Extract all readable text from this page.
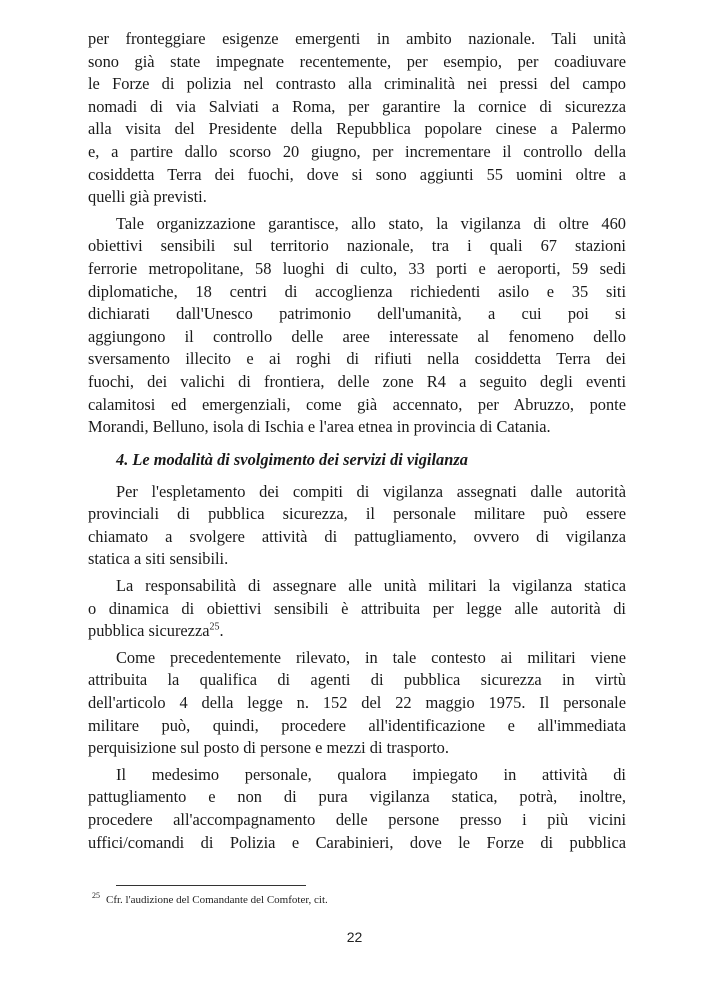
per fronteggiare esigenze emergenti in ambito nazionale. Tali unità
sono già state impegnate recentemente, per esempio, per coadiuvare
le Forze di polizia nel contrasto alla criminalità nei pressi del campo
nomadi di via Salviati a Roma, per garantire la cornice di sicurezza
alla visita del Presidente della Repubblica popolare cinese a Palermo
e, a partire dallo scorso 20 giugno, per incrementare il controllo della
cosiddetta Terra dei fuochi, dove si sono aggiunti 55 uomini oltre a
quelli già previsti.

Tale organizzazione garantisce, allo stato, la vigilanza di oltre 460
obiettivi sensibili sul territorio nazionale, tra i quali 67 stazioni
ferrorie metropolitane, 58 luoghi di culto, 33 porti e aeroporti, 59 sedi
diplomatiche, 18 centri di accoglienza richiedenti asilo e 35 siti
dichiarati dall'Unesco patrimonio dell'umanità, a cui poi si
aggiungono il controllo delle aree interessate al fenomeno dello
sversamento illecito e ai roghi di rifiuti nella cosiddetta Terra dei
fuochi, dei valichi di frontiera, delle zone R4 a seguito degli eventi
calamitosi ed emergenziali, come già accennato, per Abruzzo, ponte
Morandi, Belluno, isola di Ischia e l'area etnea in provincia di Catania.

4. Le modalità di svolgimento dei servizi di vigilanza

Per l'espletamento dei compiti di vigilanza assegnati dalle autorità
provinciali di pubblica sicurezza, il personale militare può essere
chiamato a svolgere attività di pattugliamento, ovvero di vigilanza
statica a siti sensibili.

La responsabilità di assegnare alle unità militari la vigilanza statica
o dinamica di obiettivi sensibili è attribuita per legge alle autorità di
pubblica sicurezza$^{25}$.

Come precedentemente rilevato, in tale contesto ai militari viene
attribuita la qualifica di agenti di pubblica sicurezza in virtù
dell'articolo 4 della legge n. 152 del 22 maggio 1975. Il personale
militare può, quindi, procedere all'identificazione e all'immediata
perquisizione sul posto di persone e mezzi di trasporto.

Il medesimo personale, qualora impiegato in attività di
pattugliamento e non di pura vigilanza statica, potrà, inoltre,
procedere all'accompagnamento delle persone presso i più vicini
uffici/comandi di Polizia e Carabinieri, dove le Forze di pubblica

$^{25}$ Cfr. l'audizione del Comandante del Comfoter, cit.
22
